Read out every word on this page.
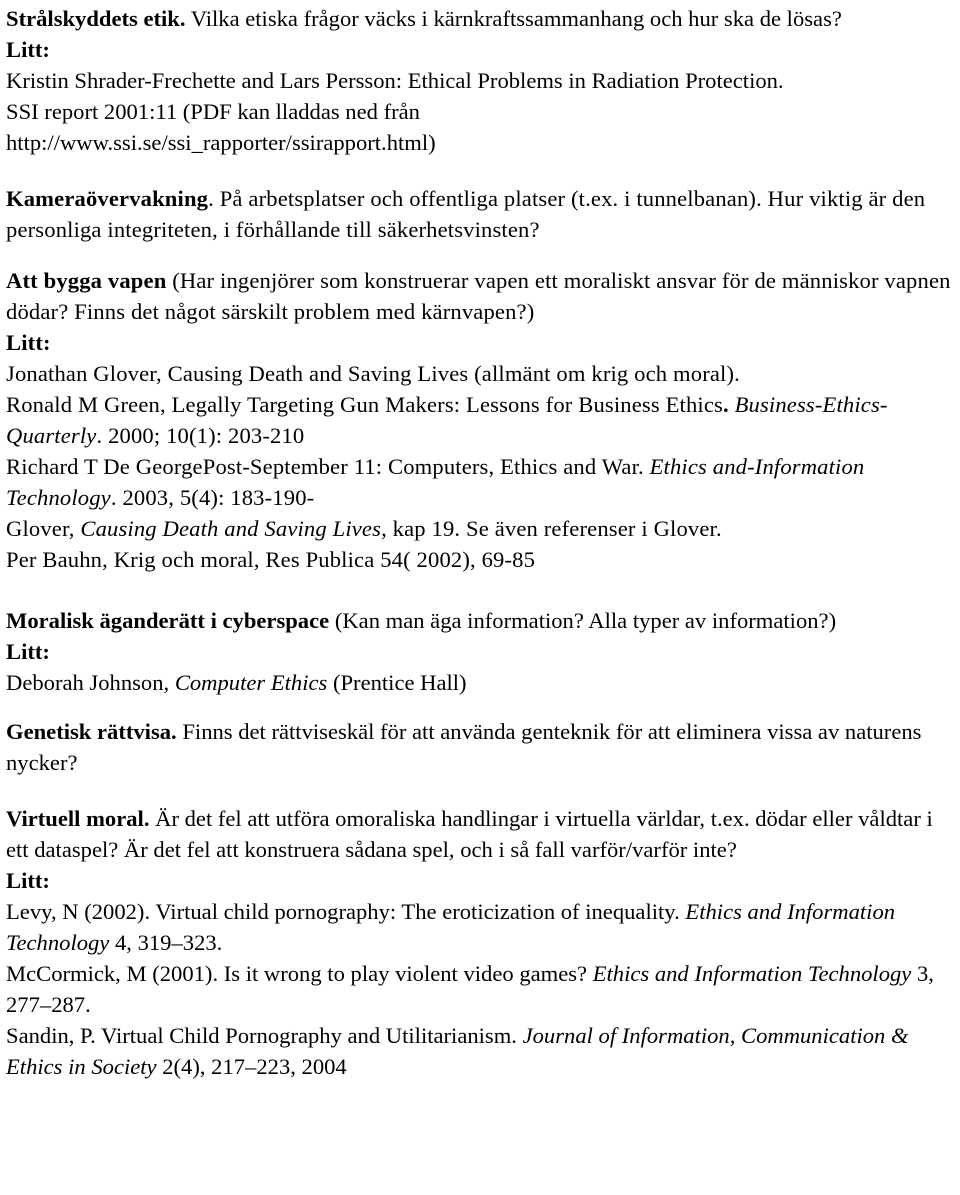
Strålskyddets etik. Vilka etiska frågor väcks i kärnkraftssammanhang och hur ska de lösas?

Litt:

Kristin Shrader-Frechette and Lars Persson: Ethical Problems in Radiation Protection.

SSI report 2001:11 (PDF kan lladdas ned från

http://www.ssi.se/ssi_rapporter/ssirapport.html)

Kameraövervakning. På arbetsplatser och offentliga platser (t.ex. i tunnelbanan). Hur viktig är den personliga integriteten, i förhållande till säkerhetsvinsten?

Att bygga vapen (Har ingenjörer som konstruerar vapen ett moraliskt ansvar för de människor vapnen dödar? Finns det något särskilt problem med kärnvapen?)

Litt:

Jonathan Glover, Causing Death and Saving Lives (allmänt om krig och moral).

Ronald M Green, Legally Targeting Gun Makers: Lessons for Business Ethics. Business-Ethics-Quarterly. 2000; 10(1): 203-210

Richard T De GeorgePost-September 11: Computers, Ethics and War. Ethics and-Information Technology. 2003, 5(4): 183-190-

Glover, Causing Death and Saving Lives, kap 19. Se även referenser i Glover.

Per Bauhn, Krig och moral, Res Publica 54( 2002), 69-85

Moralisk äganderätt i cyberspace (Kan man äga information? Alla typer av information?)

Litt:

Deborah Johnson, Computer Ethics (Prentice Hall)

Genetisk rättvisa. Finns det rättviseskäl för att använda genteknik för att eliminera vissa av naturens nycker?

Virtuell moral. Är det fel att utföra omoraliska handlingar i virtuella världar, t.ex. dödar eller våldtar i ett dataspel? Är det fel att konstruera sådana spel, och i så fall varför/varför inte?

Litt:

Levy, N (2002). Virtual child pornography: The eroticization of inequality. Ethics and Information Technology 4, 319–323.

McCormick, M (2001). Is it wrong to play violent video games? Ethics and Information Technology 3, 277–287.

Sandin, P. Virtual Child Pornography and Utilitarianism. Journal of Information, Communication & Ethics in Society 2(4), 217–223, 2004
